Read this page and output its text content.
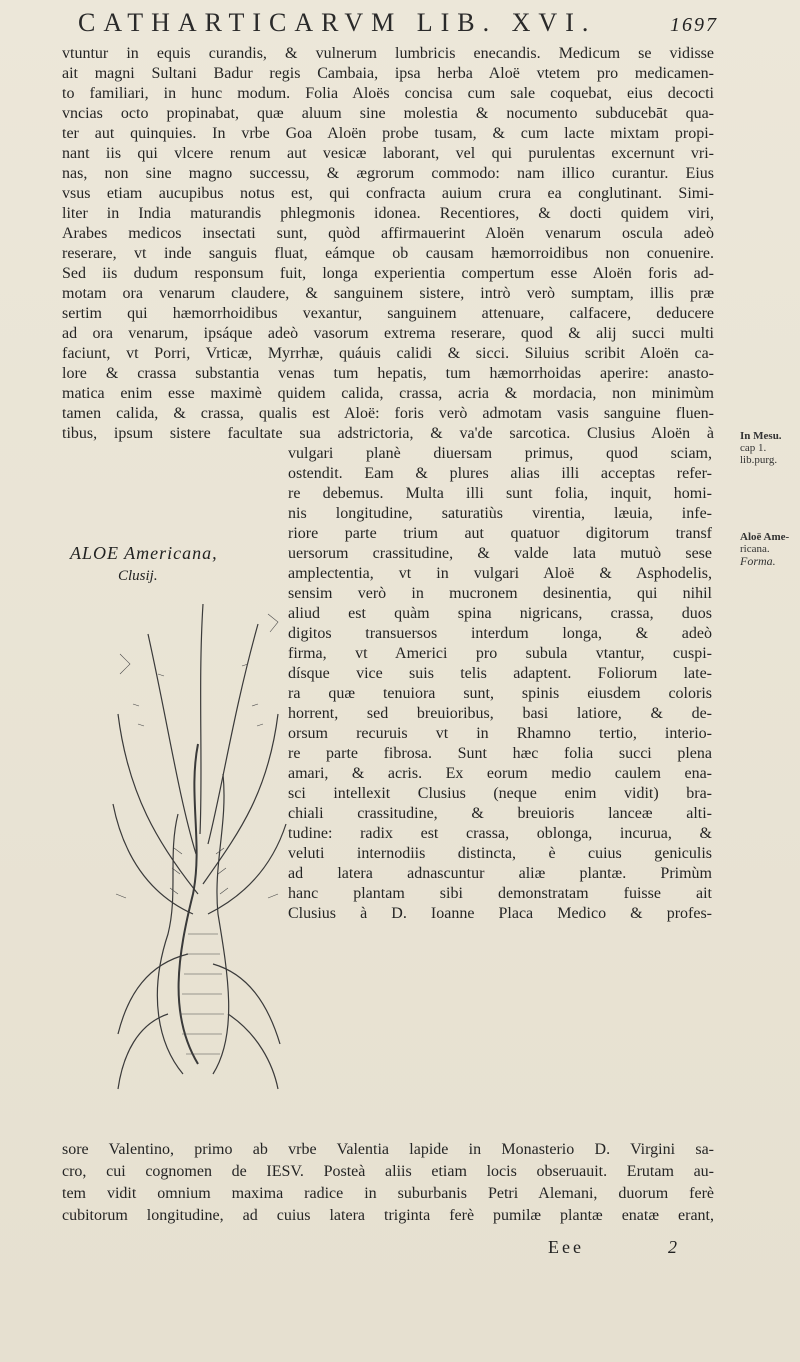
CATHARTICARVM LIB. XVI.	1697
vtuntur in equis curandis, & vulnerum lumbricis enecandis. Medicum se vidisse
ait magni Sultani Badur regis Cambaia, ipsa herba Aloë vtetem pro medicamen-
to familiari, in hunc modum. Folia Aloës concisa cum sale coquebat, eius decocti
vncias octo propinabat, quæ aluum sine molestia & nocumento subducebāt qua-
ter aut quinquies. In vrbe Goa Aloën probe tusam, & cum lacte mixtam propi-
nant iis qui vlcere renum aut vesicæ laborant, vel qui purulentas excernunt vri-
nas, non sine magno successu, & ægrorum commodo: nam illico curantur. Eius
vsus etiam aucupibus notus est, qui confracta auium crura ea conglutinant. Simi-
liter in India maturandis phlegmonis idonea. Recentiores, & docti quidem viri,
Arabes medicos insectati sunt, quòd affirmauerint Aloën venarum oscula adeò
reserare, vt inde sanguis fluat, eámque ob causam hæmorroidibus non conuenire.
Sed iis dudum responsum fuit, longa experientia compertum esse Aloën foris ad-
motam ora venarum claudere, & sanguinem sistere, intrò verò sumptam, illis præ
sertim qui hæmorrhoidibus vexantur, sanguinem attenuare, calfacere, deducere
ad ora venarum, ipsáque adeò vasorum extrema reserare, quod & alij succi multi
faciunt, vt Porri, Vrticæ, Myrrhæ, quáuis calidi & sicci. Siluius scribit Aloën ca-
lore & crassa substantia venas tum hepatis, tum hæmorrhoidas aperire: anasto-
matica enim esse maximè quidem calida, crassa, acria & mordacia, non minimùm
tamen calida, & crassa, qualis est Aloë: foris verò admotam vasis sanguine fluen-
tibus, ipsum sistere facultate sua adstrictoria, & va'de sarcotica. Clusius Aloën à In Mesu.
cap 1.
lib.purg.
Aloë Ame-
ricana.
Forma.
ALOE Americana,
Clusij.
vulgari planè diuersam primus, quod sciam,
ostendit. Eam & plures alias illi acceptas refer-
re debemus. Multa illi sunt folia, inquit, homi-
nis longitudine, saturatiùs virentia, læuia, infe-
riore parte trium aut quatuor digitorum transf
uersorum crassitudine, & valde lata mutuò sese
amplectentia, vt in vulgari Aloë & Asphodelis,
sensim verò in mucronem desinentia, qui nihil
aliud est quàm spina nigricans, crassa, duos
digitos transuersos interdum longa, & adeò
firma, vt Americi pro subula vtantur, cuspi-
dísque vice suis telis adaptent. Foliorum late-
ra quæ tenuiora sunt, spinis eiusdem coloris
horrent, sed breuioribus, basi latiore, & de-
orsum recuruis vt in Rhamno tertio, interio-
re parte fibrosa. Sunt hæc folia succi plena
amari, & acris. Ex eorum medio caulem ena-
sci intellexit Clusius (neque enim vidit) bra-
chiali crassitudine, & breuioris lanceæ alti-
tudine: radix est crassa, oblonga, incurua, &
veluti internodiis distincta, è cuius geniculis
ad latera adnascuntur aliæ plantæ. Primùm
hanc plantam sibi demonstratam fuisse ait
Clusius à D. Ioanne Placa Medico & profes-
sore Valentino, primo ab vrbe Valentia lapide in Monasterio D. Virgini sa-
cro, cui cognomen de IESV. Posteà aliis etiam locis obseruauit. Erutam au-
tem vidit omnium maxima radice in suburbanis Petri Alemani, duorum ferè
cubitorum longitudine, ad cuius latera triginta ferè pumilæ plantæ enatæ erant,
Eee	2
